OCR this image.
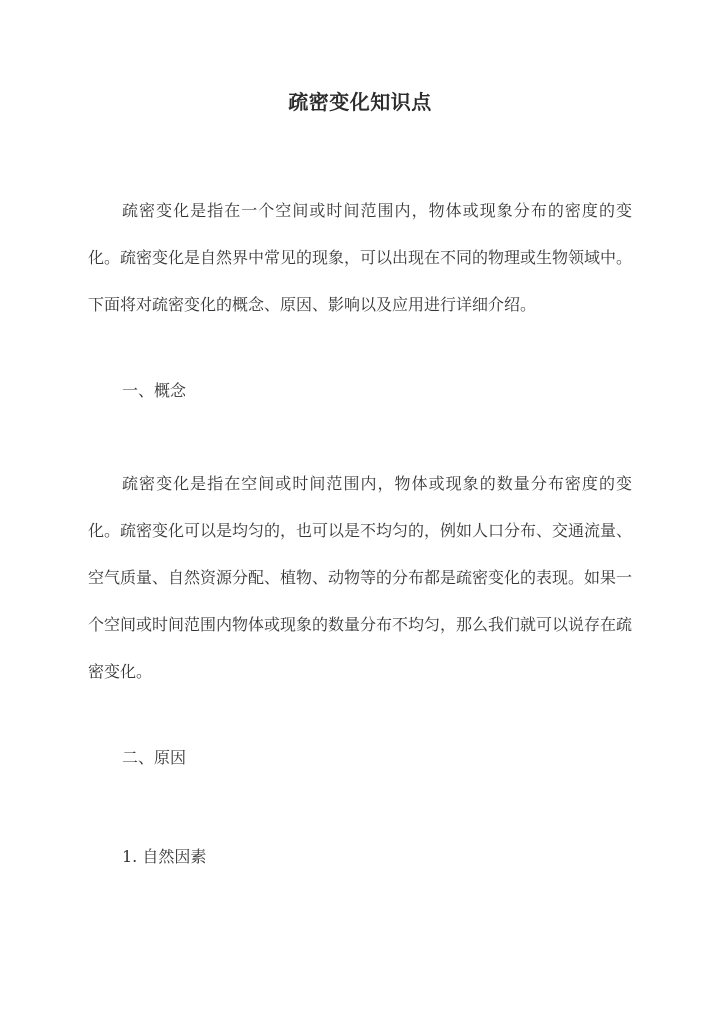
疏密变化知识点

疏密变化是指在一个空间或时间范围内，物体或现象分布的密度的变化。疏密变化是自然界中常见的现象，可以出现在不同的物理或生物领域中。下面将对疏密变化的概念、原因、影响以及应用进行详细介绍。

一、概念

疏密变化是指在空间或时间范围内，物体或现象的数量分布密度的变化。疏密变化可以是均匀的，也可以是不均匀的，例如人口分布、交通流量、空气质量、自然资源分配、植物、动物等的分布都是疏密变化的表现。如果一个空间或时间范围内物体或现象的数量分布不均匀，那么我们就可以说存在疏密变化。

二、原因
1. 自然因素
